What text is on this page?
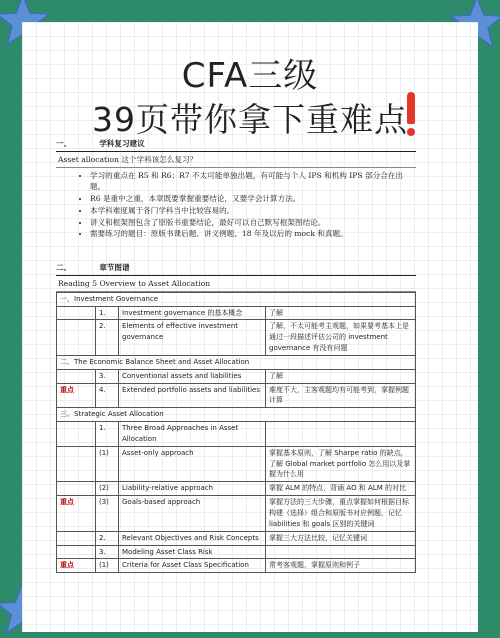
CFA三级
39页带你拿下重难点
一、	学科复习建议
Asset allocation 这个学科该怎么复习？
• 学习的重点在 R5 和 R6；R7 不太可能单独出题，有可能与个人 IPS 和机构 IPS 部分合在出题。
• R6 是重中之重，本章既要掌握重要结论，又要学会计算方法。
• 本学科难度属于各门学科当中比较容易的。
• 讲义和框架图包含了原版书重要结论，最好可以自己默写框架图结论。
• 需要练习的题目：原版书课后题、讲义例题、18 年及以后的 mock 和真题。
二、	章节图谱
Reading 5 Overview to Asset Allocation
一、Investment Governance			
	1.	Investment governance 的基本概念	了解
	2.	Elements of effective investment governance	了解，不太可能考主观题，如果要考基本上是通过一段描述评估公司的 investment governance 有没有问题
二、The Economic Balance Sheet and Asset Allocation			
	3.	Conventional assets and liabilities	了解
重点	4.	Extended portfolio assets and liabilities	难度不大，主客观题均有可能考到，掌握例题计算
三、Strategic Asset Allocation			
	1.	Three Broad Approaches in Asset Allocation	
	(1)	Asset-only approach	掌握基本原则，了解 Sharpe ratio 的缺点，了解 Global market portfolio 怎么用以及掌握为什么用
	(2)	Liability-relative approach	掌握 ALM 的特点，背诵 AO 和 ALM 的对比
重点	(3)	Goals-based approach	掌握方法的三大步骤，重点掌握如何根据目标构建（选择）组合和原版书对应例题，记忆 liabilities 和 goals 区别的关键词
	2.	Relevant Objectives and Risk Concepts	掌握三大方法比较，记忆关键词
	3.	Modeling Asset Class Risk	
重点	(1)	Criteria for Asset Class Specification	常考客观题，掌握原则和例子
